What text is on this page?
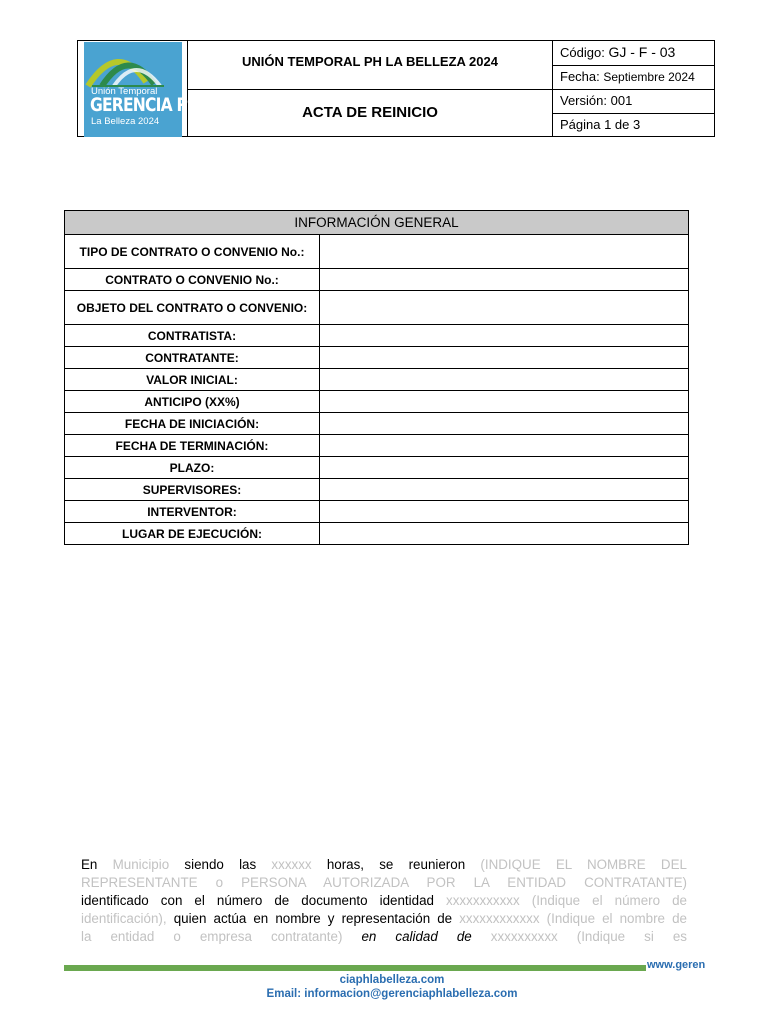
Unión Temporal
GERENCIA PH
La Belleza 2024
UNIÓN TEMPORAL PH LA BELLEZA 2024
ACTA DE REINICIO
Código: GJ - F - 03
Fecha: Septiembre 2024
Versión: 001
Página 1 de 3
INFORMACIÓN GENERAL	
TIPO DE CONTRATO O CONVENIO No.:	
CONTRATO O CONVENIO No.:	
OBJETO DEL CONTRATO O CONVENIO:	
CONTRATISTA:	
CONTRATANTE:	
VALOR INICIAL:	
ANTICIPO (XX%)	
FECHA DE INICIACIÓN:	
FECHA DE TERMINACIÓN:	
PLAZO:	
SUPERVISORES:	
INTERVENTOR:	
LUGAR DE EJECUCIÓN:	

En Municipio siendo las xxxxxx horas, se reunieron (INDIQUE EL NOMBRE DEL

REPRESENTANTE o PERSONA AUTORIZADA POR LA ENTIDAD CONTRATANTE)

identificado con el número de documento identidad xxxxxxxxxxx (Indique el número de

identificación), quien actúa en nombre y representación de xxxxxxxxxxxx (Indique el nombre de

la entidad o empresa contratante) en calidad de xxxxxxxxxx (Indique si es

www.geren
ciaphlabelleza.com
Email: informacion@gerenciaphlabelleza.com
